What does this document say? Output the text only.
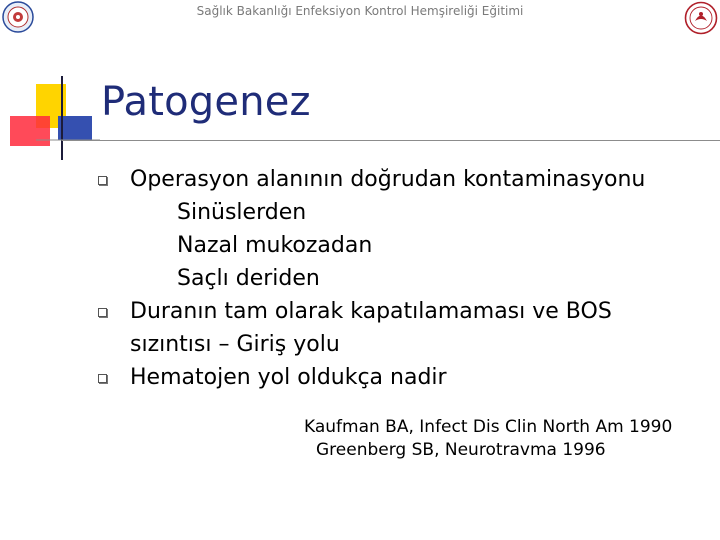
Sağlık Bakanlığı Enfeksiyon Kontrol Hemşireliği Eğitimi
Patogenez
Operasyon alanının doğrudan kontaminasyonu
Sinüslerden
Nazal mukozadan
Saçlı deriden
Duranın tam olarak kapatılamaması ve BOS
sızıntısı – Giriş yolu
Hematojen yol oldukça nadir
Kaufman BA, Infect Dis Clin North Am 1990
Greenberg SB, Neurotravma 1996
